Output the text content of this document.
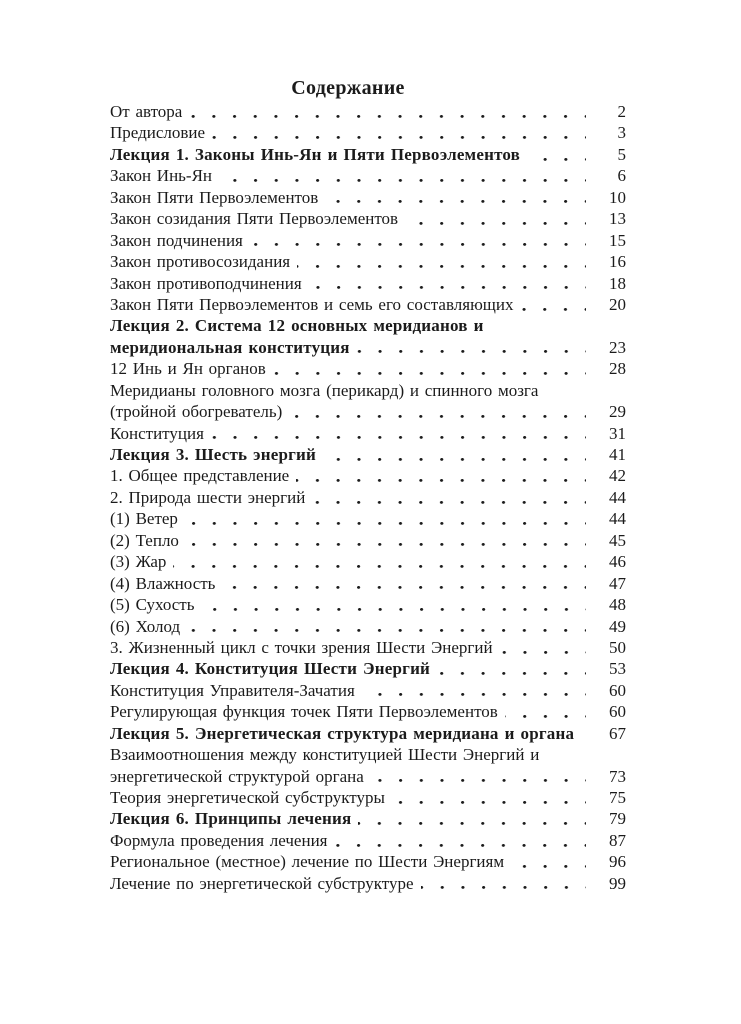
Содержание
От автора	2
Предисловие	3
Лекция 1. Законы Инь-Ян и Пяти Первоэлементов	5
Закон Инь-Ян	6
Закон Пяти Первоэлементов	10
Закон созидания Пяти Первоэлементов	13
Закон подчинения	15
Закон противосозидания	16
Закон противоподчинения	18
Закон Пяти Первоэлементов и семь его составляющих	20
Лекция 2. Система 12 основных меридианов и
меридиональная конституция	23
12 Инь и Ян органов	28
Меридианы головного мозга (перикард) и спинного мозга
(тройной обогреватель)	29
Конституция	31
Лекция 3. Шесть энергий	41
1. Общее представление	42
2. Природа шести энергий	44
(1) Ветер	44
(2) Тепло	45
(3) Жар	46
(4) Влажность	47
(5) Сухость	48
(6) Холод	49
3. Жизненный цикл с точки зрения Шести Энергий	50
Лекция 4. Конституция Шести Энергий	53
Конституция Управителя-Зачатия	60
Регулирующая функция точек Пяти Первоэлементов	60
Лекция 5. Энергетическая структура меридиана и органа	67
Взаимоотношения между конституцией Шести Энергий и
энергетической структурой органа	73
Теория энергетической субструктуры	75
Лекция 6. Принципы лечения	79
Формула проведения лечения	87
Региональное (местное) лечение по Шести Энергиям	96
Лечение по энергетической субструктуре	99
